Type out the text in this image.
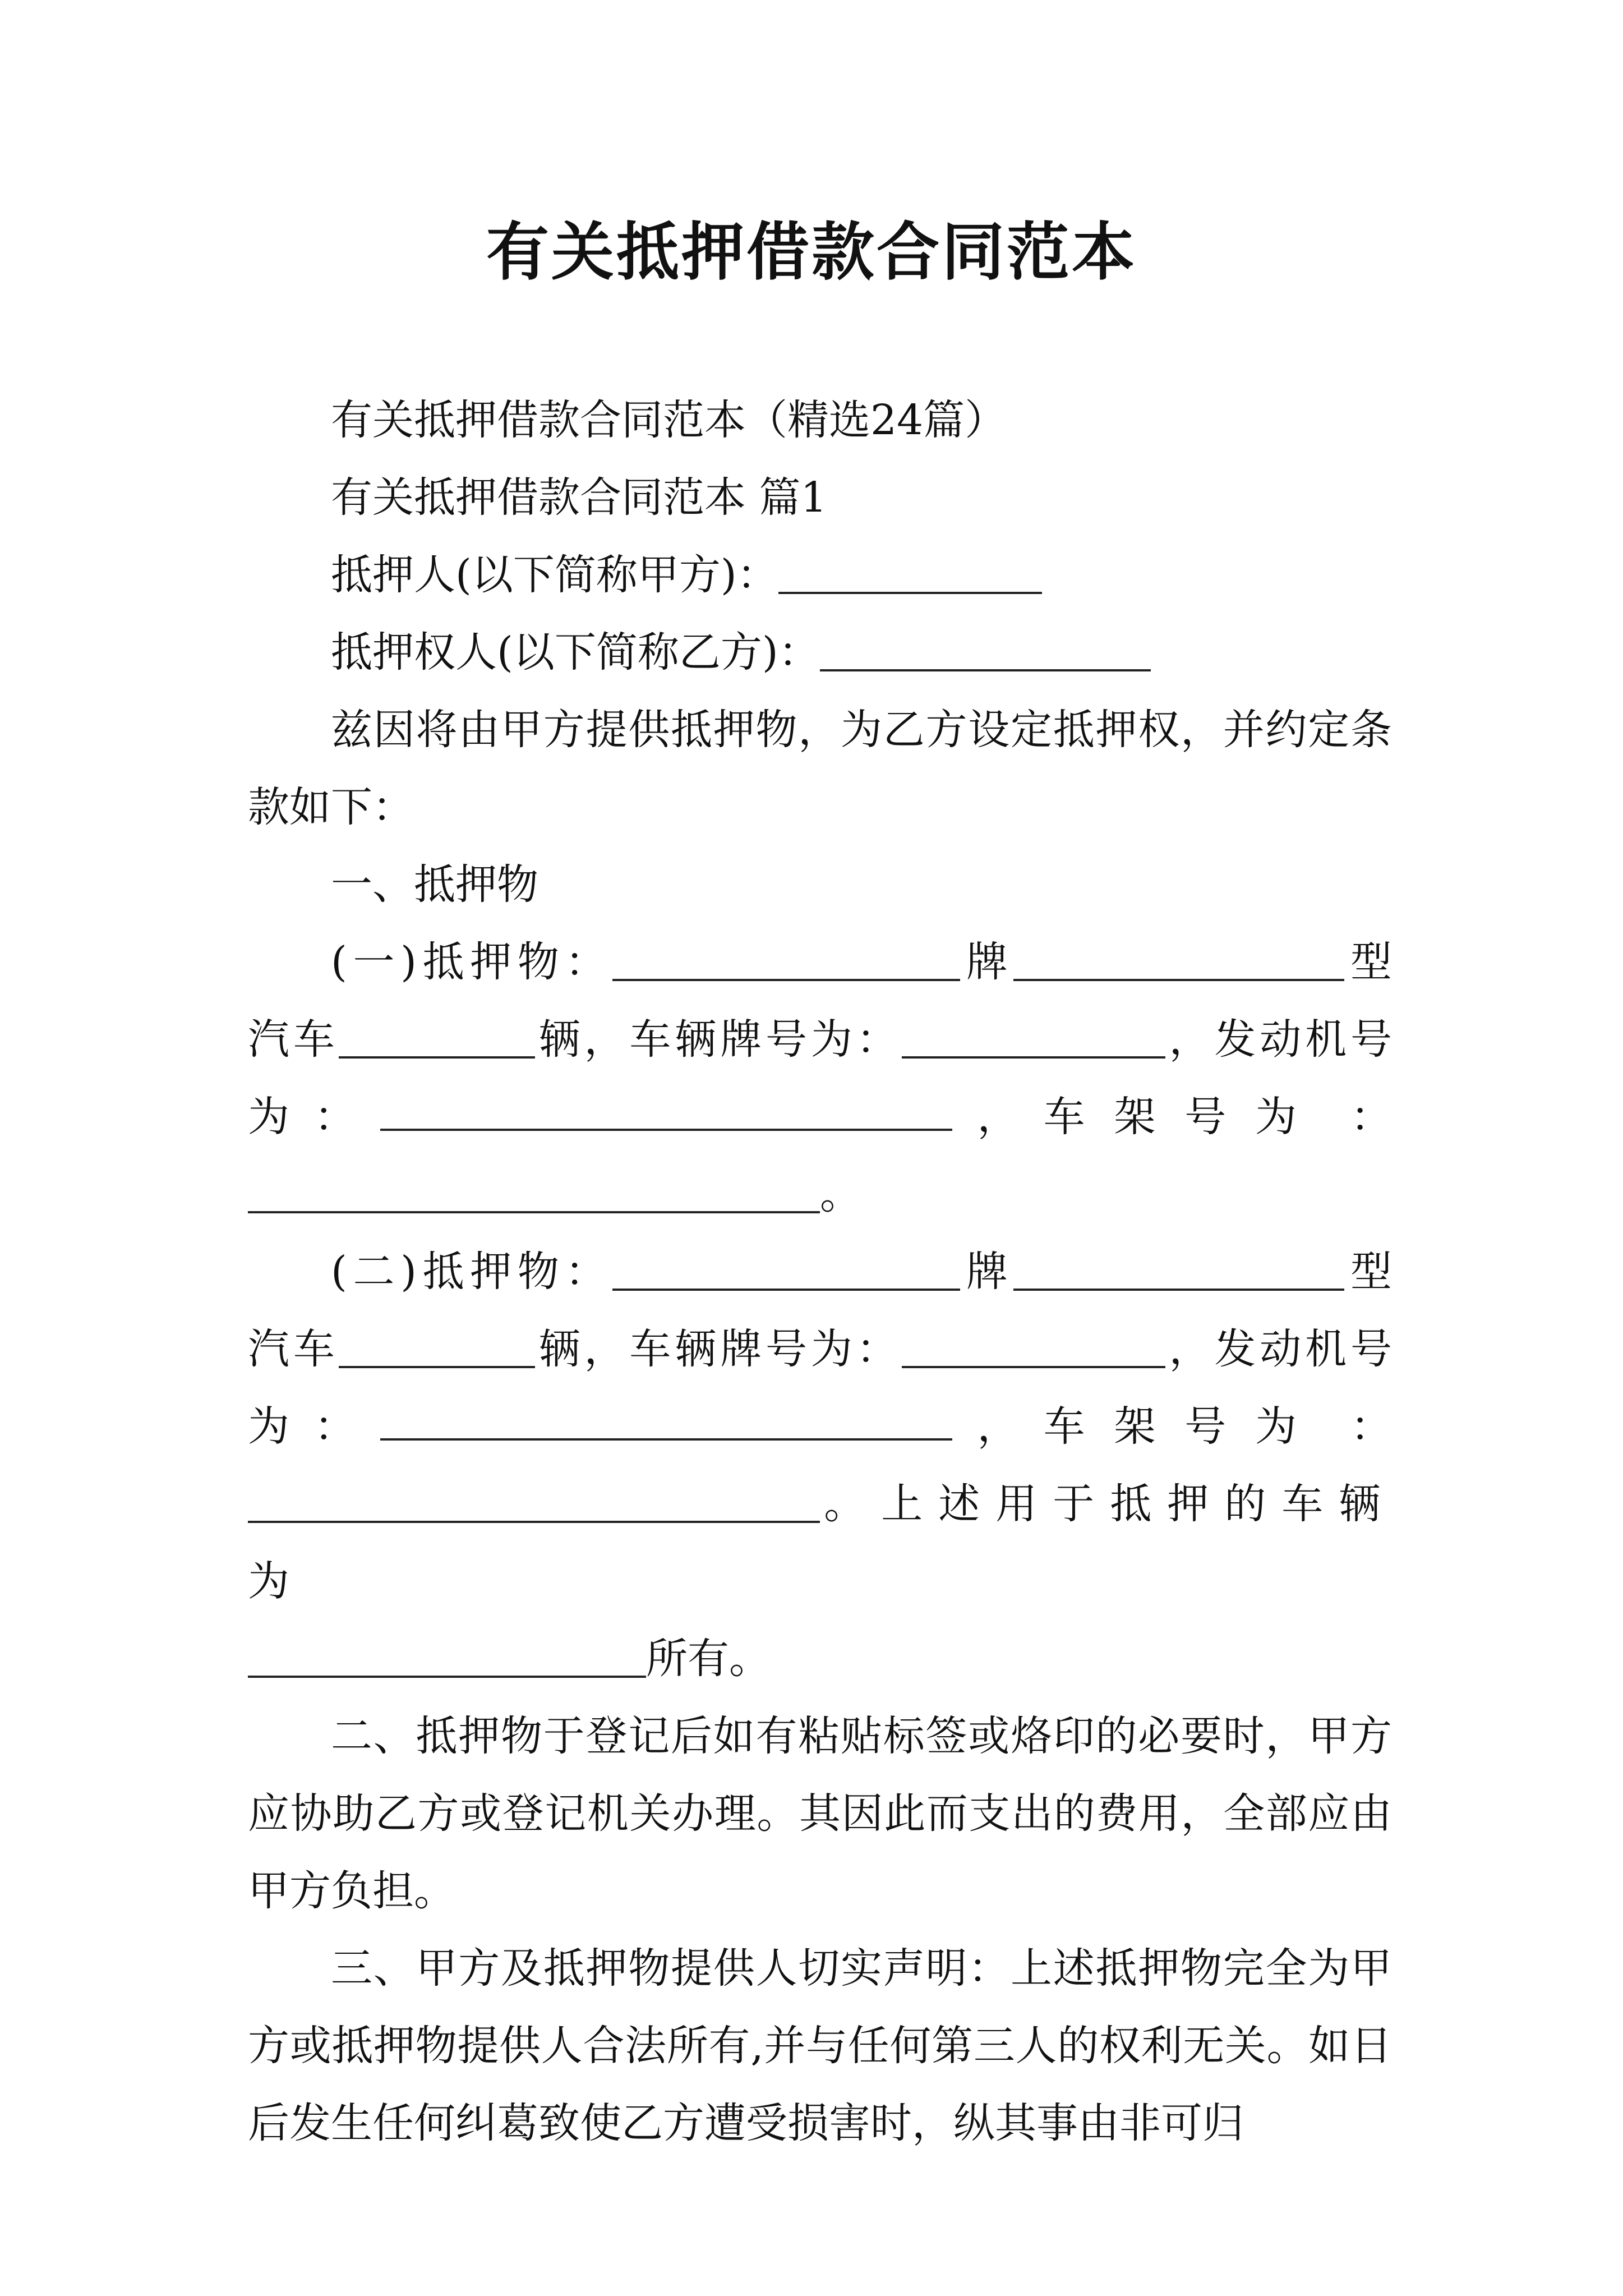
有关抵押借款合同范本

有关抵押借款合同范本（精选24篇）

有关抵押借款合同范本 篇1

抵押人(以下简称甲方)：

抵押权人(以下简称乙方)：

兹因将由甲方提供抵押物，为乙方设定抵押权，并约定条款如下：

一、抵押物

(一)抵押物：	牌	型

汽车	辆，车辆牌号为：	，发动机号

为 ：	， 车架号为 ：

。

(二)抵押物：	牌	型

汽车	辆，车辆牌号为：	，发动机号

为 ：	， 车架号为 ：

。上述用于抵押的车辆为

所有。

二、抵押物于登记后如有粘贴标签或烙印的必要时，甲方应协助乙方或登记机关办理。其因此而支出的费用，全部应由甲方负担。

三、甲方及抵押物提供人切实声明：上述抵押物完全为甲方或抵押物提供人合法所有,并与任何第三人的权利无关。如日后发生任何纠葛致使乙方遭受损害时，纵其事由非可归
